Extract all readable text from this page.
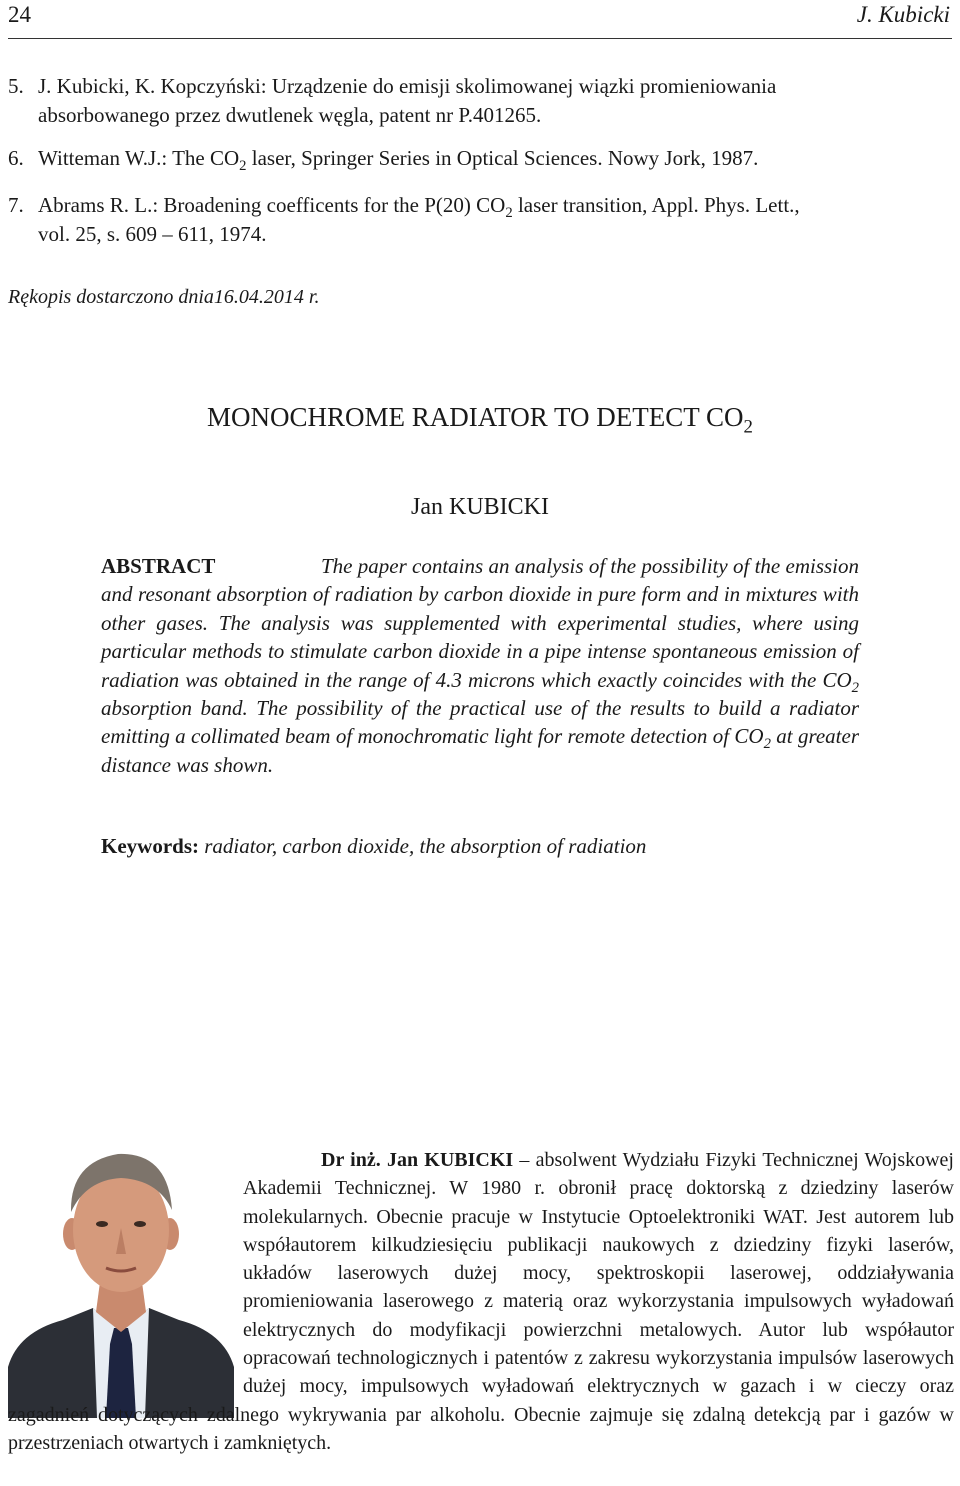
24	J. Kubicki
5. J. Kubicki, K. Kopczyński: Urządzenie do emisji skolimowanej wiązki promieniowania
absorbowanego przez dwutlenek węgla, patent nr P.401265.
6. Witteman W.J.: The $CO_2$ laser, Springer Series in Optical Sciences. Nowy Jork, 1987.
7. Abrams R. L.: Broadening coefficents for the P(20) $CO_2$ laser transition, Appl. Phys. Lett.,
vol. 25, s. 609 – 611, 1974.
Rękopis dostarczono dnia16.04.2014 r.
MONOCHROME RADIATOR TO DETECT $CO_2$
Jan KUBICKI
ABSTRACT	The paper contains an analysis of the possibility of the emission and resonant absorption of radiation by carbon dioxide in pure form and in mixtures with other gases. The analysis was supplemented with experimental studies, where using particular methods to stimulate carbon dioxide in a pipe intense spontaneous emission of radiation was obtained in the range of 4.3 microns which exactly coincides with the $CO_2$ absorption band. The possibility of the practical use of the results to build a radiator emitting a collimated beam of monochromatic light for remote detection of $CO_2$ at greater distance was shown.
Keywords: radiator, carbon dioxide, the absorption of radiation
Dr inż. Jan KUBICKI – absolwent Wydziału Fizyki Technicznej Wojskowej Akademii Technicznej. W 1980 r. obronił pracę doktorską z dziedziny laserów molekularnych. Obecnie pracuje w Instytucie Optoelektroniki WAT. Jest autorem lub współautorem kilkudziesięciu publikacji naukowych z dziedziny fizyki laserów, układów laserowych dużej mocy, spektroskopii laserowej, oddziaływania promieniowania laserowego z materią oraz wykorzystania impulsowych wyładowań elektrycznych do modyfikacji powierzchni metalowych. Autor lub współautor opracowań technologicznych i patentów z zakresu wykorzystania impulsów laserowych dużej mocy, impulsowych wyładowań elektrycznych w gazach i w cieczy oraz zagadnień dotyczących zdalnego wykrywania par alkoholu. Obecnie zajmuje się zdalną detekcją par i gazów w przestrzeniach otwartych i zamkniętych.
